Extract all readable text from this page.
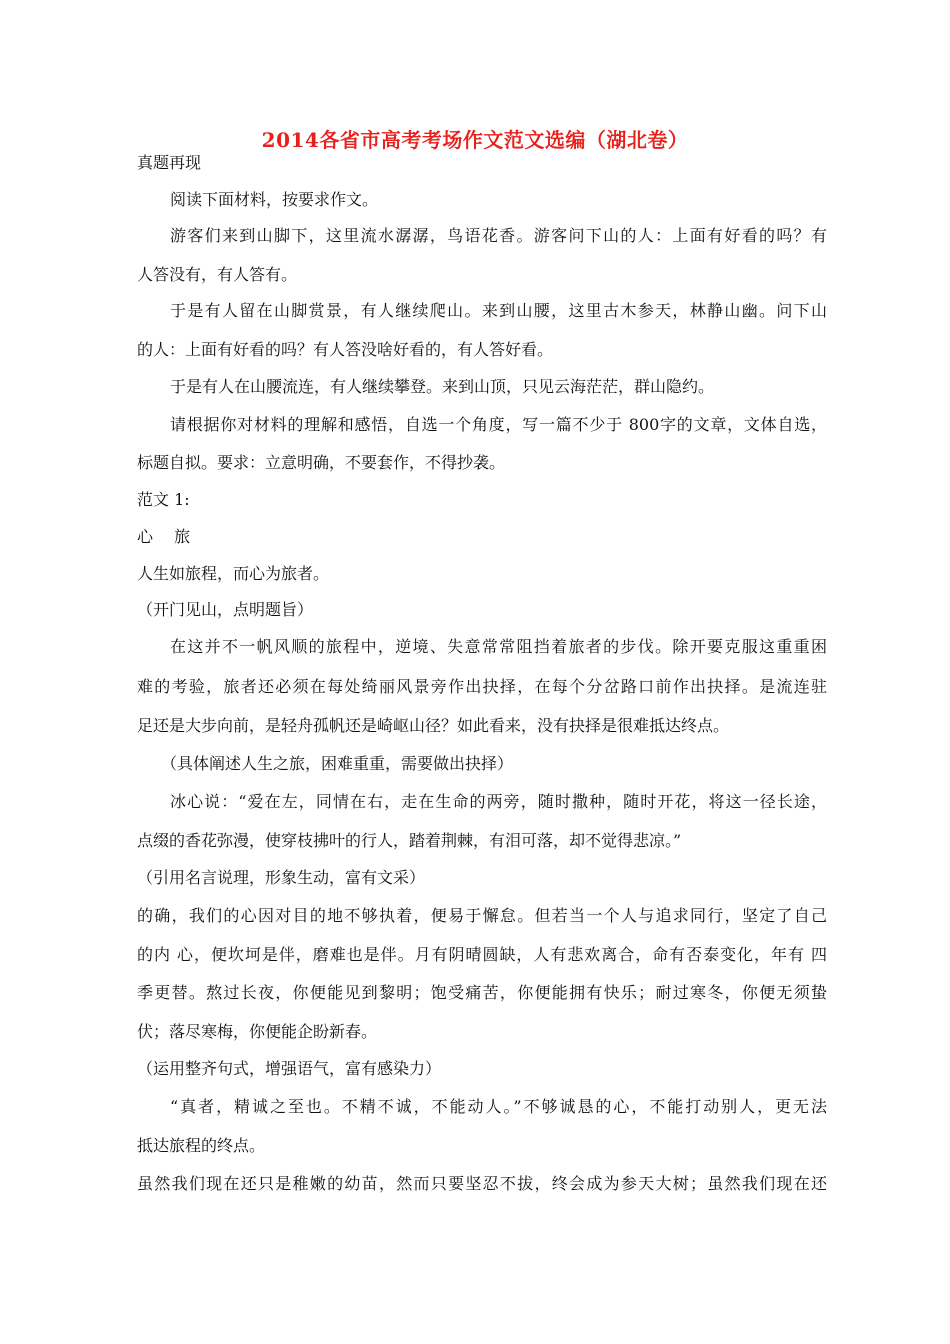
2014各省市高考考场作文范文选编（湖北卷）
真题再现
阅读下面材料，按要求作文。
游客们来到山脚下，这里流水潺潺，鸟语花香。游客问下山的人：上面有好看的吗？有
人答没有，有人答有。
于是有人留在山脚赏景，有人继续爬山。来到山腰，这里古木参天，林静山幽。问下山
的人：上面有好看的吗？有人答没啥好看的，有人答好看。
于是有人在山腰流连，有人继续攀登。来到山顶，只见云海茫茫，群山隐约。
请根据你对材料的理解和感悟，自选一个角度，写一篇不少于 800字的文章，文体自选，
标题自拟。要求：立意明确，不要套作，不得抄袭。
范文 1:
心　 旅
人生如旅程，而心为旅者。
（开门见山，点明题旨）
在这并不一帆风顺的旅程中，逆境、失意常常阻挡着旅者的步伐。除开要克服这重重困
难的考验，旅者还必须在每处绮丽风景旁作出抉择，在每个分岔路口前作出抉择。是流连驻
足还是大步向前，是轻舟孤帆还是崎岖山径？如此看来，没有抉择是很难抵达终点。
（具体阐述人生之旅，困难重重，需要做出抉择）
冰心说：“爱在左，同情在右，走在生命的两旁，随时撒种，随时开花，将这一径长途，
点缀的香花弥漫，使穿枝拂叶的行人，踏着荆棘，有泪可落，却不觉得悲凉。”
（引用名言说理，形象生动，富有文采）
的确，我们的心因对目的地不够执着，便易于懈怠。但若当一个人与追求同行，坚定了自己
的内 心，便坎坷是伴，磨难也是伴。月有阴晴圆缺，人有悲欢离合，命有否泰变化，年有 四
季更替。熬过长夜，你便能见到黎明；饱受痛苦，你便能拥有快乐；耐过寒冬，你便无须蛰
伏；落尽寒梅，你便能企盼新春。
（运用整齐句式，增强语气，富有感染力）
“真者，精诚之至也。不精不诚，不能动人。”不够诚恳的心，不能打动别人，更无法
抵达旅程的终点。
虽然我们现在还只是稚嫩的幼苗，然而只要坚忍不拔，终会成为参天大树；虽然我们现在还
